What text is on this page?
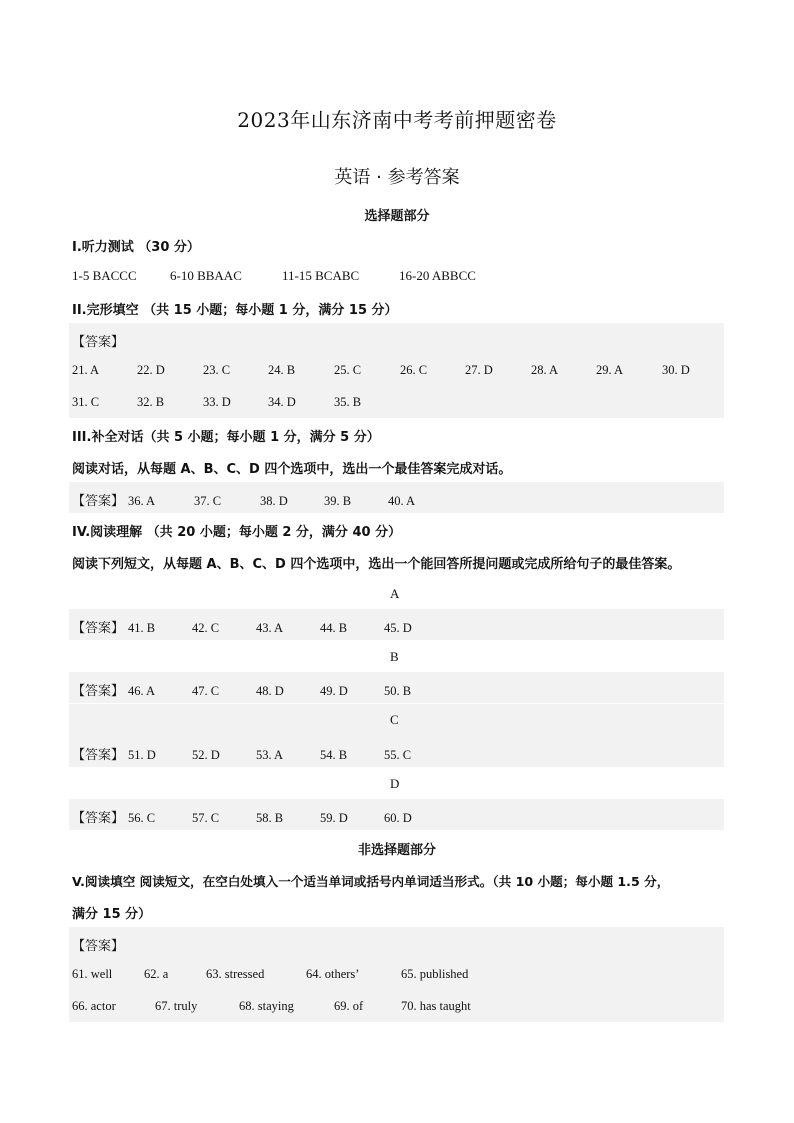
2023年山东济南中考考前押题密卷
英语 · 参考答案
选择题部分
I.听力测试 （30 分）
1-5 BACCC	6-10 BBAAC	11-15 BCABC	16-20 ABBCC
II.完形填空 （共 15 小题；每小题 1 分，满分 15 分）
【答案】
21. A	22. D	23. C	24. B	25. C	26. C	27. D	28. A	29. A	30. D
31. C	32. B	33. D	34. D	35. B
III.补全对话（共 5 小题；每小题 1 分，满分 5 分）
阅读对话，从每题 A、B、C、D 四个选项中，选出一个最佳答案完成对话。
【答案】 36. A	37. C	38. D	39. B	40. A
IV.阅读理解 （共 20 小题；每小题 2 分，满分 40 分）
阅读下列短文，从每题 A、B、C、D 四个选项中，选出一个能回答所提问题或完成所给句子的最佳答案。
A
【答案】 41. B	42. C	43. A	44. B	45. D
B
【答案】 46. A	47. C	48. D	49. D	50. B
C
【答案】 51. D	52. D	53. A	54. B	55. C
D
【答案】 56. C	57. C	58. B	59. D	60. D
非选择题部分
V.阅读填空 阅读短文，在空白处填入一个适当单词或括号内单词适当形式。（共 10 小题；每小题 1.5 分，
满分 15 分）
【答案】
61. well	62. a	63. stressed	64. others’	65. published
66. actor	67. truly	68. staying	69. of	70. has taught
